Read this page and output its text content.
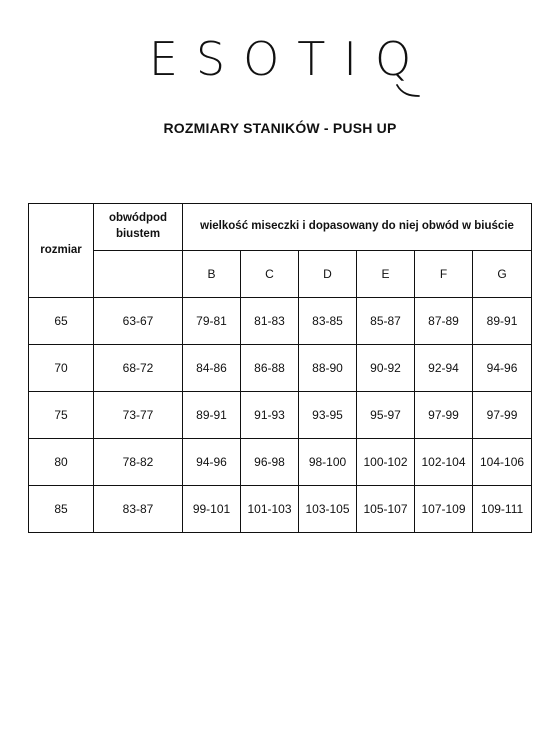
ESOTIQ
ROZMIARY STANIKÓW - PUSH UP
rozmiar	obwódpod biustem	wielkość miseczki i dopasowany do niej obwód w biuście					
		B	C	D	E	F	G
65	63-67	79-81	81-83	83-85	85-87	87-89	89-91
70	68-72	84-86	86-88	88-90	90-92	92-94	94-96
75	73-77	89-91	91-93	93-95	95-97	97-99	97-99
80	78-82	94-96	96-98	98-100	100-102	102-104	104-106
85	83-87	99-101	101-103	103-105	105-107	107-109	109-111
